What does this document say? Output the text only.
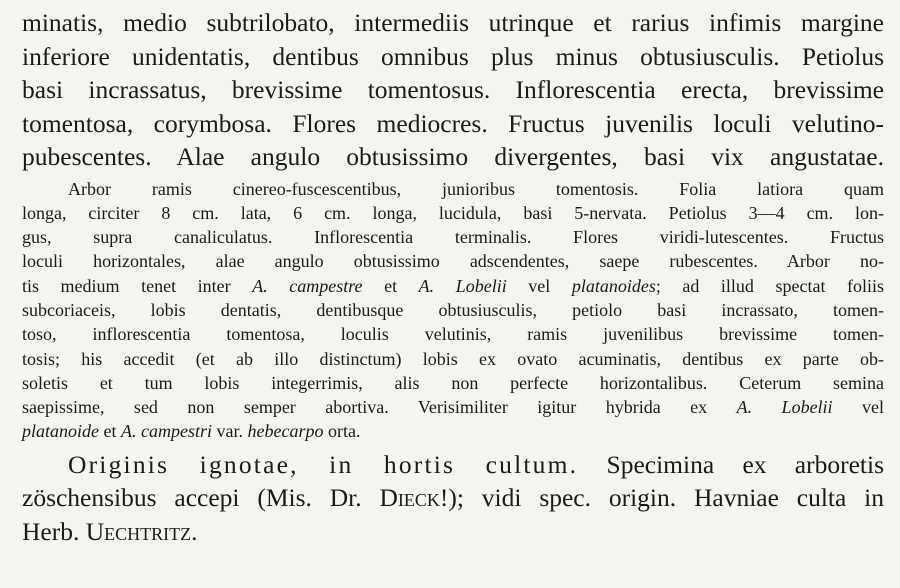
minatis, medio subtrilobato, intermediis utrinque et rarius infimis margine
inferiore unidentatis, dentibus omnibus plus minus obtusiusculis. Petiolus
basi incrassatus, brevissime tomentosus. Inflorescentia erecta, brevissime
tomentosa, corymbosa. Flores mediocres. Fructus juvenilis loculi velutino-
pubescentes. Alae angulo obtusissimo divergentes, basi vix angustatae.
Arbor ramis cinereo-fuscescentibus, junioribus tomentosis. Folia latiora quam
longa, circiter 8 cm. lata, 6 cm. longa, lucidula, basi 5-nervata. Petiolus 3—4 cm. lon-
gus, supra canaliculatus. Inflorescentia terminalis. Flores viridi-lutescentes. Fructus
loculi horizontales, alae angulo obtusissimo adscendentes, saepe rubescentes. Arbor no-
tis medium tenet inter A. campestre et A. Lobelii vel platanoides; ad illud spectat foliis
subcoriaceis, lobis dentatis, dentibusque obtusiusculis, petiolo basi incrassato, tomen-
toso, inflorescentia tomentosa, loculis velutinis, ramis juvenilibus brevissime tomen-
tosis; his accedit (et ab illo distinctum) lobis ex ovato acuminatis, dentibus ex parte ob-
soletis et tum lobis integerrimis, alis non perfecte horizontalibus. Ceterum semina
saepissime, sed non semper abortiva. Verisimiliter igitur hybrida ex A. Lobelii vel
platanoide et A. campestri var. hebecarpo orta.
Originis ignotae, in hortis cultum. Specimina ex arboretis
zöschensibus accepi (Mis. Dr. Dieck!); vidi spec. origin. Havniae culta in
Herb. Uechtritz.
